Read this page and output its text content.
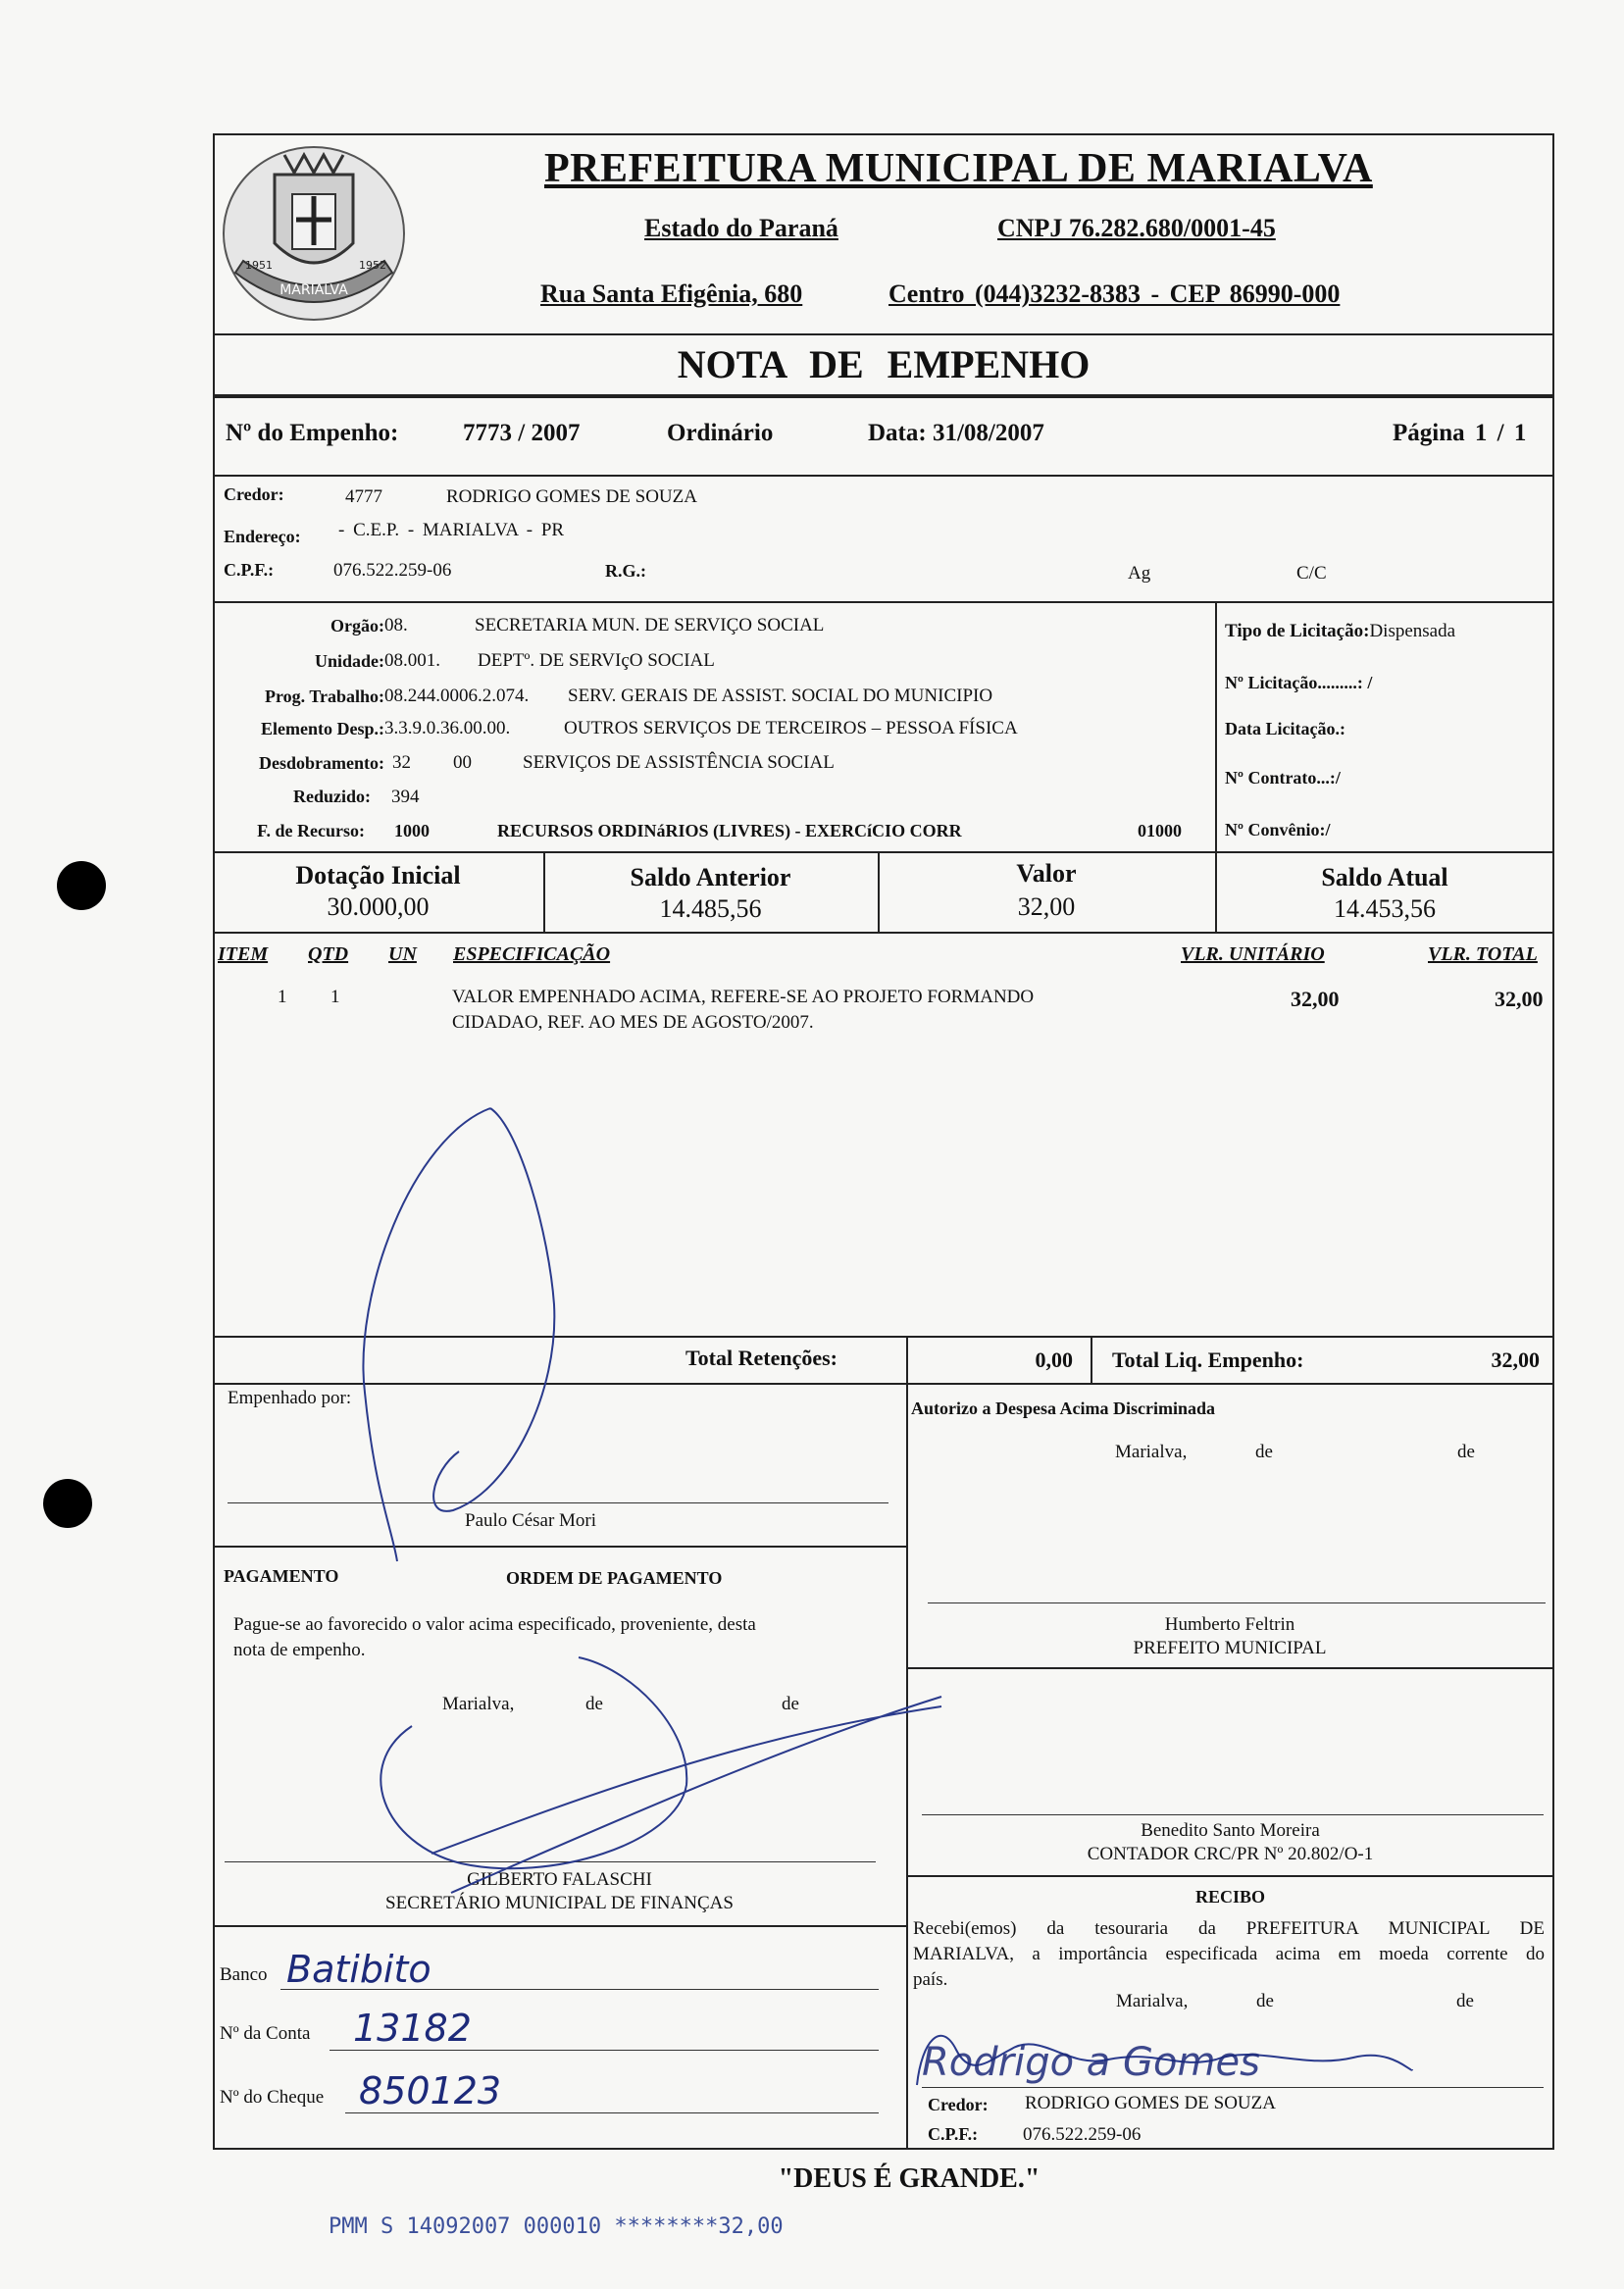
MARIALVA
1951	1952
PREFEITURA MUNICIPAL DE MARIALVA
Estado do Paraná	CNPJ 76.282.680/0001-45
Rua Santa Efigênia, 680	Centro (044)3232-8383 - CEP 86990-000
NOTA DE EMPENHO
Nº do Empenho:	7773 / 2007	Ordinário	Data: 31/08/2007	Página 1 / 1
Credor:	4777	RODRIGO GOMES DE SOUZA
Endereço: - C.E.P. - MARIALVA - PR
C.P.F.:	076.522.259-06	R.G.:	Ag	C/C
Orgão: 08.	SECRETARIA MUN. DE SERVIÇO SOCIAL
Unidade: 08.001. DEPTº. DE SERVIçO SOCIAL
Prog. Trabalho: 08.244.0006.2.074. SERV. GERAIS DE ASSIST. SOCIAL DO MUNICIPIO
Elemento Desp.: 3.3.9.0.36.00.00.	OUTROS SERVIÇOS DE TERCEIROS – PESSOA FÍSICA
Desdobramento: 32 00	SERVIÇOS DE ASSISTÊNCIA SOCIAL
Reduzido: 394
F. de Recurso: 1000	RECURSOS ORDINáRIOS (LIVRES) - EXERCíCIO CORR	01000
Tipo de Licitação:Dispensada
Nº Licitação.........: /
Data Licitação.:
Nº Contrato...:/
Nº Convênio:/
Dotação Inicial
30.000,00
Saldo Anterior
14.485,56
Valor
32,00
Saldo Atual
14.453,56
ITEM QTD UN ESPECIFICAÇÃO	VLR. UNITÁRIO	VLR. TOTAL
1 1	VALOR EMPENHADO ACIMA, REFERE-SE AO PROJETO FORMANDO
CIDADAO, REF. AO MES DE AGOSTO/2007.
32,00	32,00
Total Retenções:	0,00 Total Liq. Empenho:	32,00
Empenhado por:
Paulo César Mori
Autorizo a Despesa Acima Discriminada
Marialva,	de	de
Humberto Feltrin
PREFEITO MUNICIPAL
PAGAMENTO	ORDEM DE PAGAMENTO
Pague-se ao favorecido o valor acima especificado, proveniente, desta
nota de empenho.
Marialva,	de	de
GILBERTO FALASCHI
SECRETÁRIO MUNICIPAL DE FINANÇAS
Benedito Santo Moreira
CONTADOR CRC/PR Nº 20.802/O-1
Banco Batibito
Nº da Conta 13182
Nº do Cheque 850123
RECIBO
Recebi(emos) da tesouraria da PREFEITURA MUNICIPAL DE
MARIALVA, a importância especificada acima em moeda corrente do
país.
Marialva,	de	de
Credor: RODRIGO GOMES DE SOUZA
C.P.F.: 076.522.259-06
Rodrigo a Gomes
"DEUS É GRANDE."
PMM S 14092007 000010 ********32,00
